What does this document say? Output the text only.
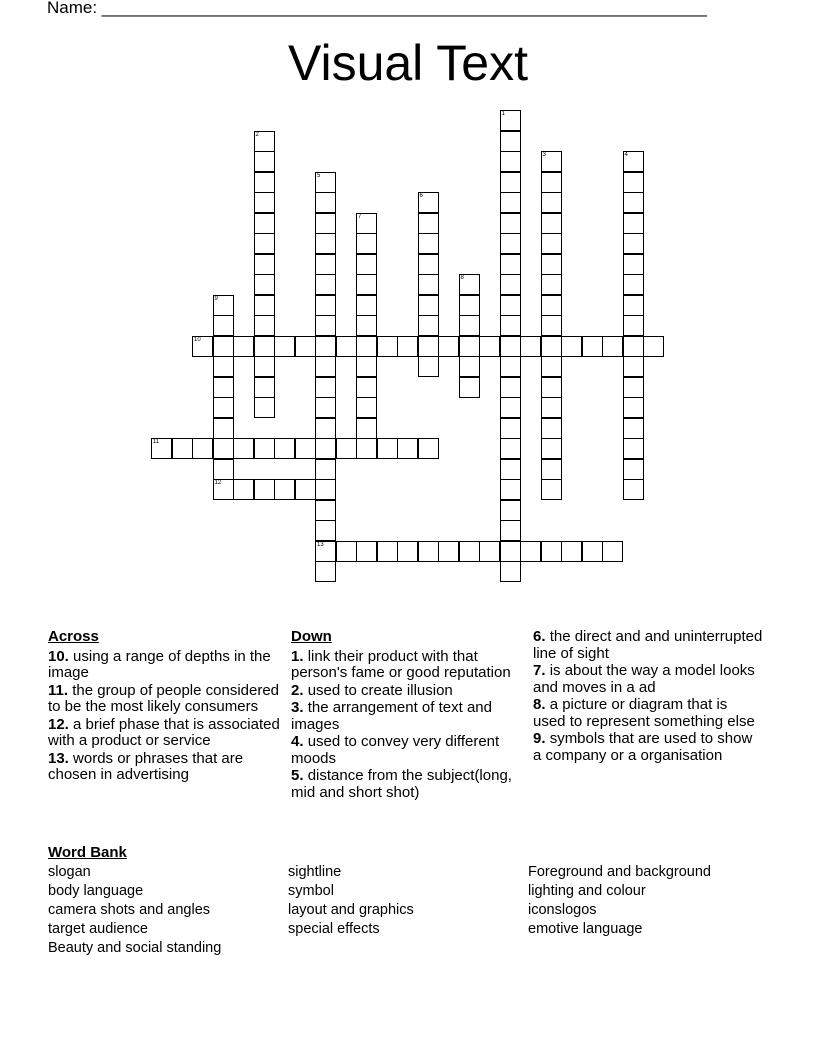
Name: ________________________________________________________________
Visual Text
1
2
3	4
5
13
6
7
8
9
10
11
12
Across
10. using a range of depths in the image
11. the group of people considered to be the most likely consumers
12. a brief phase that is associated with a product or service
13. words or phrases that are chosen in advertising
Down
1. link their product with that person's fame or good reputation
2. used to create illusion
3. the arrangement of text and images
4. used to convey very different moods
5. distance from the subject(long, mid and short shot)
6. the direct and and uninterrupted line of sight
7. is about the way a model looks and moves in a ad
8. a picture or diagram that is used to represent something else
9. symbols that are used to show a company or a organisation
Word Bank
slogan
body language
camera shots and angles
target audience
Beauty and social standing
sightline
symbol
layout and graphics
special effects
Foreground and background
lighting and colour
iconslogos
emotive language
